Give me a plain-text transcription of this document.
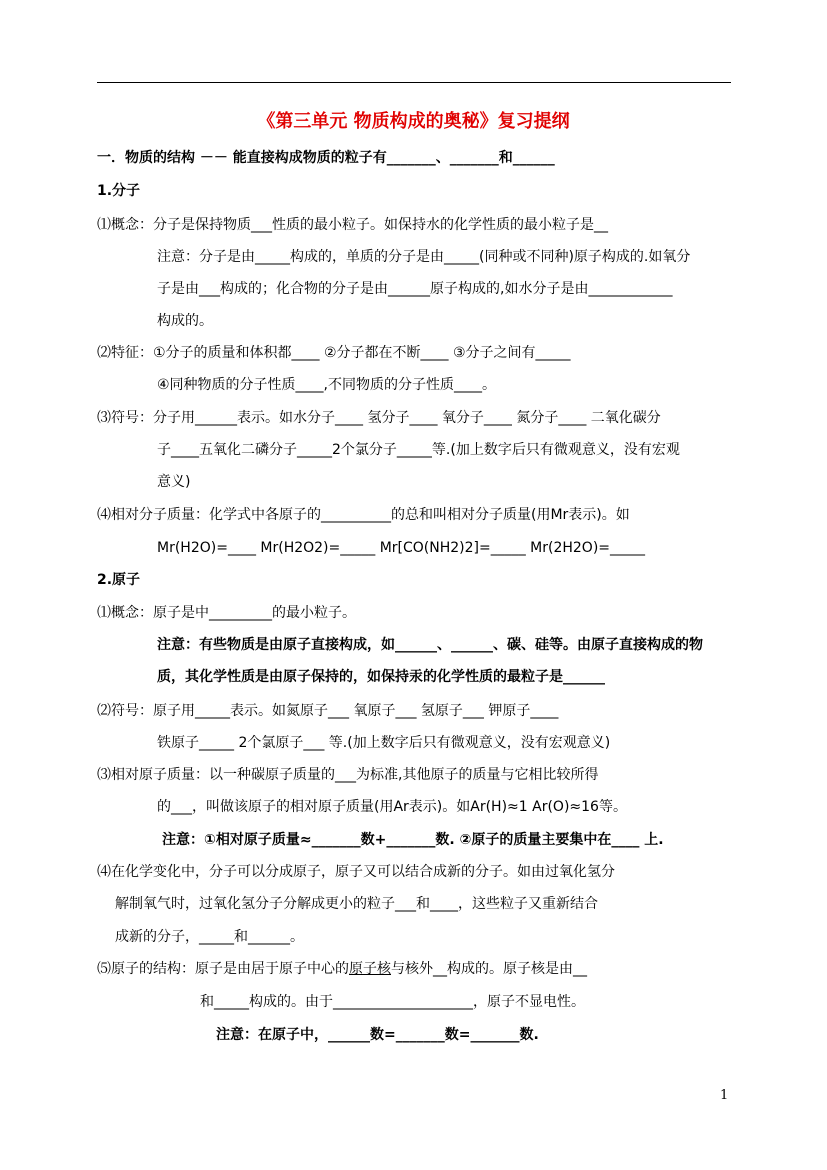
《第三单元 物质构成的奥秘》复习提纲
一．物质的结构 －－ 能直接构成物质的粒子有_______、_______和______
1.分子
⑴概念：分子是保持物质___性质的最小粒子。如保持水的化学性质的最小粒子是__
注意：分子是由_____构成的，单质的分子是由_____(同种或不同种)原子构成的.如氧分
子是由___构成的；化合物的分子是由______原子构成的,如水分子是由____________
构成的。
⑵特征：①分子的质量和体积都____ ②分子都在不断____ ③分子之间有_____
④同种物质的分子性质____,不同物质的分子性质____。
⑶符号：分子用______表示。如水分子____ 氢分子____ 氧分子____ 氮分子____ 二氧化碳分
子____五氧化二磷分子_____2个氯分子_____等.(加上数字后只有微观意义，没有宏观
意义)
⑷相对分子质量：化学式中各原子的__________的总和叫相对分子质量(用Mr表示)。如
Mr(H2O)=____ Mr(H2O2)=_____ Mr[CO(NH2)2]=_____ Mr(2H2O)=_____
2.原子
⑴概念：原子是中_________的最小粒子。
注意：有些物质是由原子直接构成，如______、______、碳、硅等。由原子直接构成的物
质，其化学性质是由原子保持的，如保持汞的化学性质的最粒子是______
⑵符号：原子用_____表示。如氮原子___ 氧原子___ 氢原子___ 钾原子____
铁原子_____ 2个氯原子___ 等.(加上数字后只有微观意义，没有宏观意义)
⑶相对原子质量：以一种碳原子质量的___为标准,其他原子的质量与它相比较所得
的___，叫做该原子的相对原子质量(用Ar表示)。如Ar(H)≈1 Ar(O)≈16等。
注意：①相对原子质量≈_______数+_______数. ②原子的质量主要集中在____ 上.
⑷在化学变化中，分子可以分成原子，原子又可以结合成新的分子。如由过氧化氢分
解制氧气时，过氧化氢分子分解成更小的粒子___和____，这些粒子又重新结合
成新的分子，_____和______。
⑸原子的结构：原子是由居于原子中心的原子核与核外__构成的。原子核是由__
和_____构成的。由于____________________，原子不显电性。
注意：在原子中，______数=_______数=_______数.
1
